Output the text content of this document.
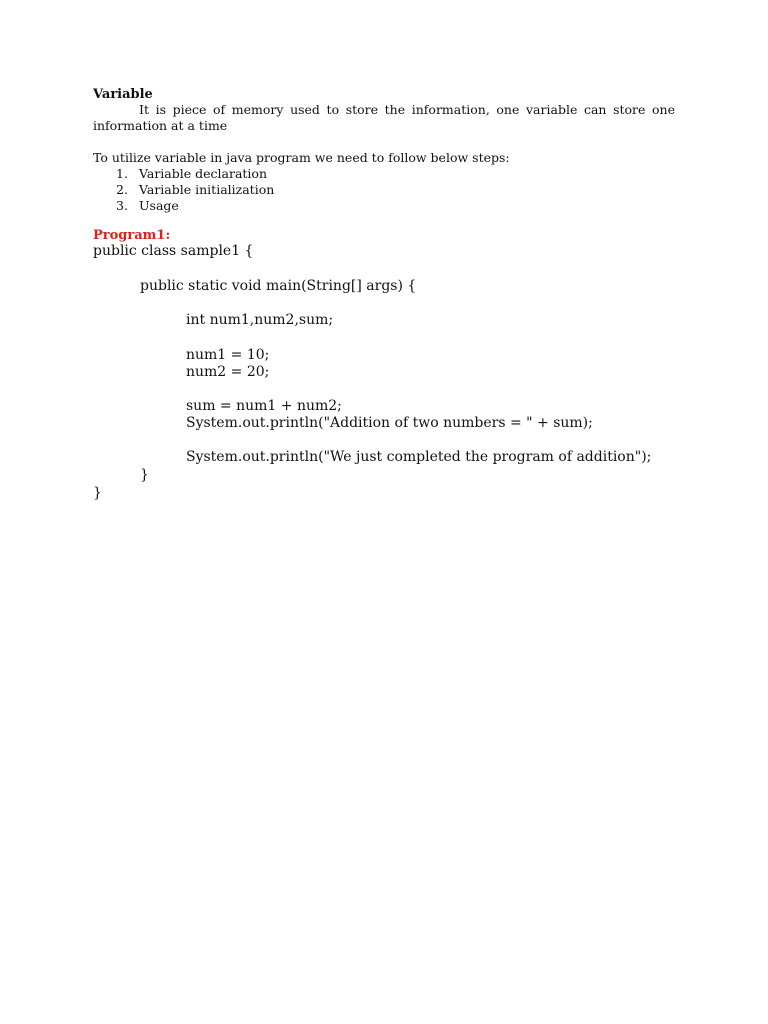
Variable
It is piece of memory used to store the information, one variable can store one information at a time
To utilize variable in java program we need to follow below steps:
1. Variable declaration
2. Variable initialization
3. Usage
Program1:
public class sample1 {
public static void main(String[] args) {
int num1,num2,sum;
num1 = 10;
num2 = 20;
sum = num1 + num2;
System.out.println("Addition of two numbers = " + sum);
System.out.println("We just completed the program of addition");
}
}
